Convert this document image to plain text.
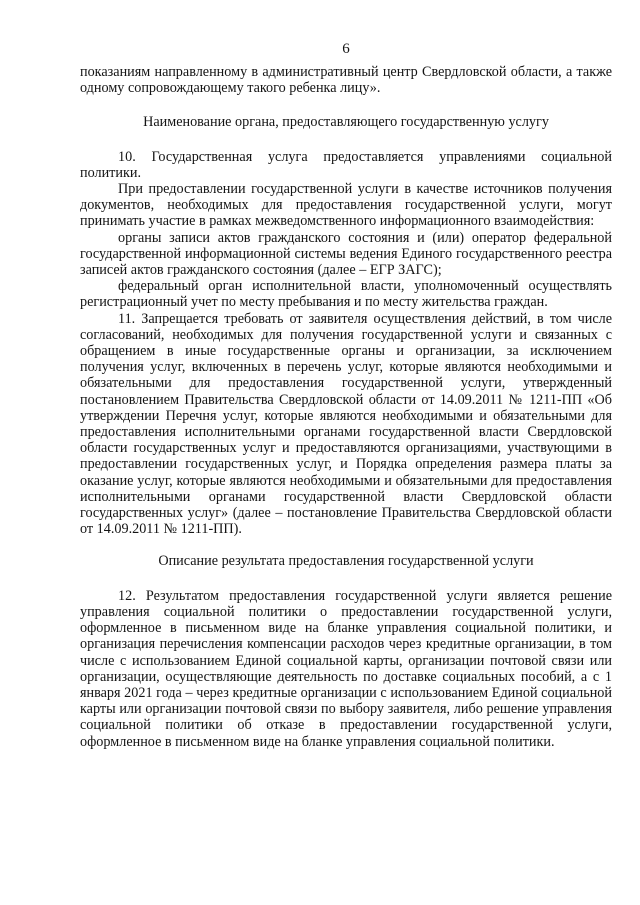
6

показаниям направленному в административный центр Свердловской области, а также одному сопровождающему такого ребенка лицу».

Наименование органа, предоставляющего государственную услугу

10. Государственная услуга предоставляется управлениями социальной политики.

При предоставлении государственной услуги в качестве источников получения документов, необходимых для предоставления государственной услуги, могут принимать участие в рамках межведомственного информационного взаимодействия:

органы записи актов гражданского состояния и (или) оператор федеральной государственной информационной системы ведения Единого государственного реестра записей актов гражданского состояния (далее – ЕГР ЗАГС);

федеральный орган исполнительной власти, уполномоченный осуществлять регистрационный учет по месту пребывания и по месту жительства граждан.

11. Запрещается требовать от заявителя осуществления действий, в том числе согласований, необходимых для получения государственной услуги и связанных с обращением в иные государственные органы и организации, за исключением получения услуг, включенных в перечень услуг, которые являются необходимыми и обязательными для предоставления государственной услуги, утвержденный постановлением Правительства Свердловской области от 14.09.2011 № 1211-ПП «Об утверждении Перечня услуг, которые являются необходимыми и обязательными для предоставления исполнительными органами государственной власти Свердловской области государственных услуг и предоставляются организациями, участвующими в предоставлении государственных услуг, и Порядка определения размера платы за оказание услуг, которые являются необходимыми и обязательными для предоставления исполнительными органами государственной власти Свердловской области государственных услуг» (далее – постановление Правительства Свердловской области от 14.09.2011 № 1211-ПП).

Описание результата предоставления государственной услуги

12. Результатом предоставления государственной услуги является решение управления социальной политики о предоставлении государственной услуги, оформленное в письменном виде на бланке управления социальной политики, и организация перечисления компенсации расходов через кредитные организации, в том числе с использованием Единой социальной карты, организации почтовой связи или организации, осуществляющие деятельность по доставке социальных пособий, а с 1 января 2021 года – через кредитные организации с использованием Единой социальной карты или организации почтовой связи по выбору заявителя, либо решение управления социальной политики об отказе в предоставлении государственной услуги, оформленное в письменном виде на бланке управления социальной политики.
